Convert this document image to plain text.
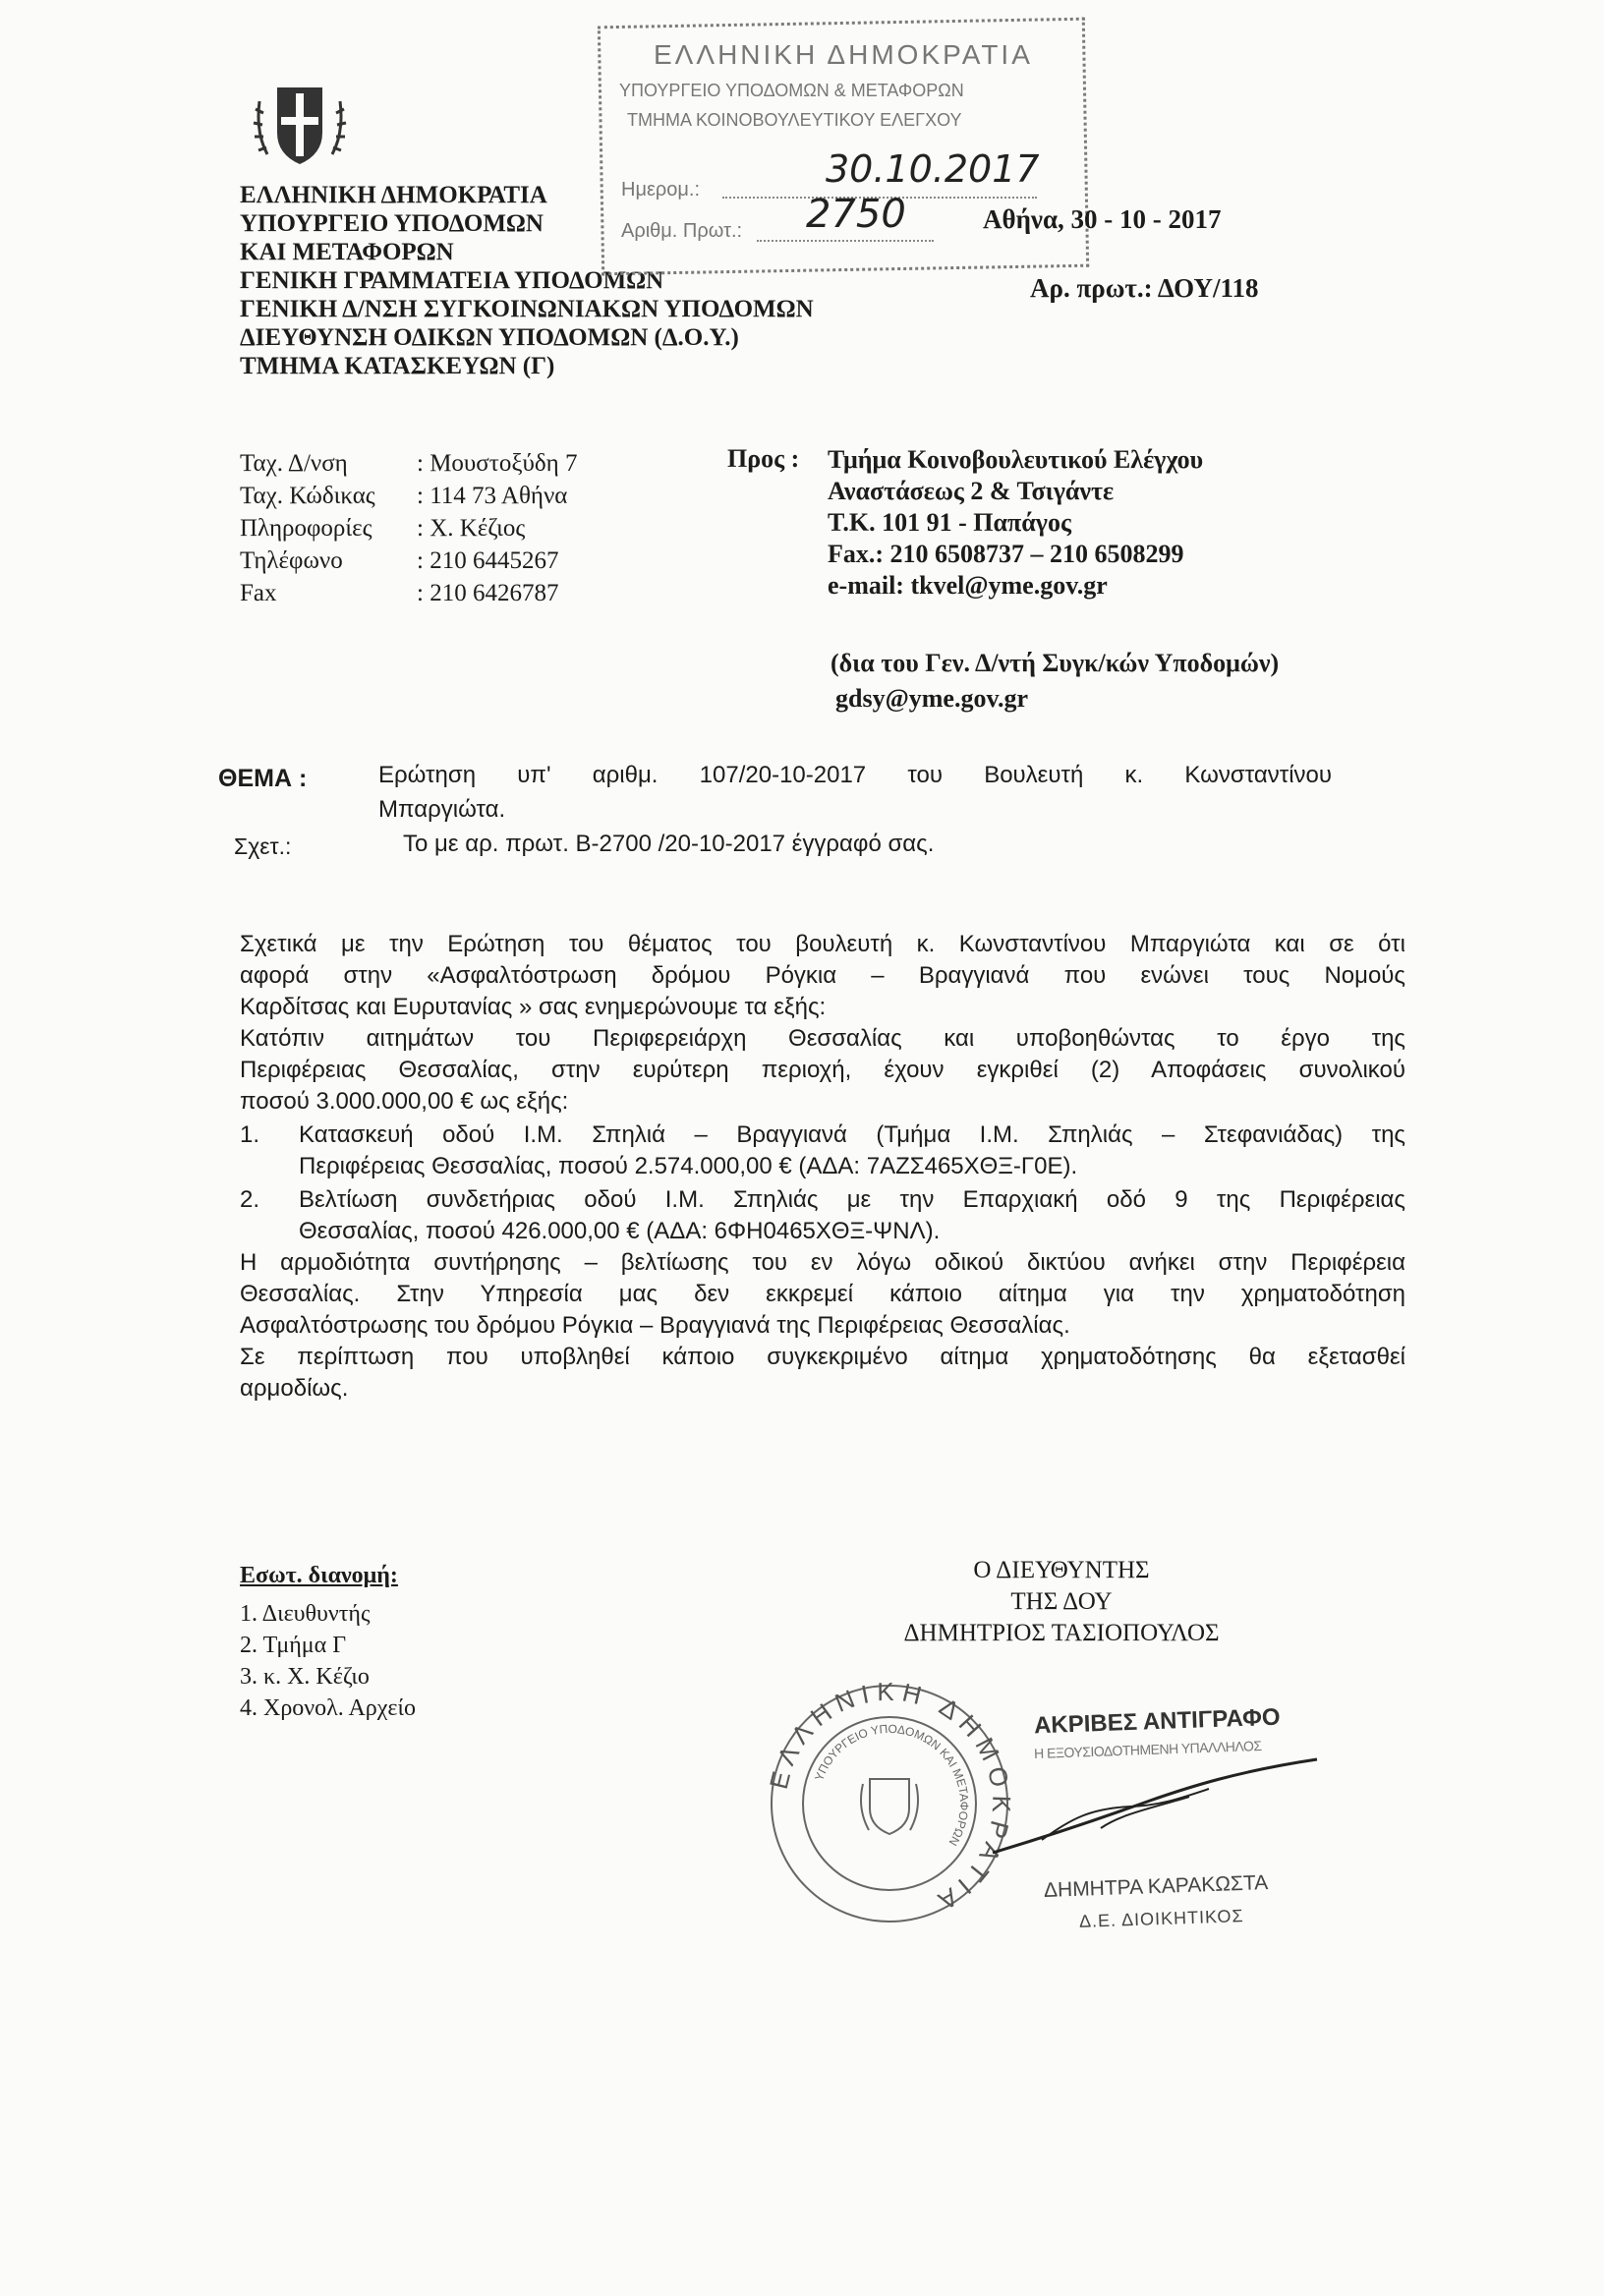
ΕΛΛΗΝΙΚΗ ΔΗΜΟΚΡΑΤΙΑ
ΥΠΟΥΡΓΕΙΟ ΥΠΟΔΟΜΩΝ
ΚΑΙ ΜΕΤΑΦΟΡΩΝ
ΓΕΝΙΚΗ ΓΡΑΜΜΑΤΕΙΑ ΥΠΟΔΟΜΩΝ
ΓΕΝΙΚΗ Δ/ΝΣΗ ΣΥΓΚΟΙΝΩΝΙΑΚΩΝ ΥΠΟΔΟΜΩΝ
ΔΙΕΥΘΥΝΣΗ ΟΔΙΚΩΝ ΥΠΟΔΟΜΩΝ (Δ.Ο.Υ.)
ΤΜΗΜΑ ΚΑΤΑΣΚΕΥΩΝ (Γ)
ΕΛΛΗΝΙΚΗ ΔΗΜΟΚΡΑΤΙΑ
ΥΠΟΥΡΓΕΙΟ ΥΠΟΔΟΜΩΝ & ΜΕΤΑΦΟΡΩΝ
ΤΜΗΜΑ ΚΟΙΝΟΒΟΥΛΕΥΤΙΚΟΥ ΕΛΕΓΧΟΥ
Ημερομ.:	30.10.2017
Αριθμ. Πρωτ.: 2750	Αθήνα, 30 - 10 - 2017
Αρ. πρωτ.: ΔΟΥ/118
Ταχ. Δ/νση	: Μουστοξύδη 7
Ταχ. Κώδικας : 114 73 Αθήνα
Πληροφορίες : Χ. Κέζιος
Τηλέφωνο	: 210 6445267
Fax	: 210 6426787
Προς : Τμήμα Κοινοβουλευτικού Ελέγχου
Αναστάσεως 2 & Τσιγάντε
Τ.Κ. 101 91 - Παπάγος
Fax.: 210 6508737 – 210 6508299
e-mail: tkvel@yme.gov.gr
(δια του Γεν. Δ/ντή Συγκ/κών Υποδομών)
gdsy@yme.gov.gr
ΘΕΜΑ :	Ερώτηση υπ' αριθμ. 107/20-10-2017 του Βουλευτή κ. Κωνσταντίνου
Μπαργιώτα.
Σχετ.:	Το με αρ. πρωτ. Β-2700 /20-10-2017 έγγραφό σας.
Σχετικά με την Ερώτηση του θέματος του βουλευτή κ. Κωνσταντίνου Μπαργιώτα και σε ότι
αφορά στην «Ασφαλτόστρωση δρόμου Ρόγκια – Βραγγιανά που ενώνει τους Νομούς
Καρδίτσας και Ευρυτανίας » σας ενημερώνουμε τα εξής:
Κατόπιν αιτημάτων του Περιφερειάρχη Θεσσαλίας και υποβοηθώντας το έργο της
Περιφέρειας Θεσσαλίας, στην ευρύτερη περιοχή, έχουν εγκριθεί (2) Αποφάσεις συνολικού
ποσού 3.000.000,00 € ως εξής:
1. Κατασκευή οδού Ι.Μ. Σπηλιά – Βραγγιανά (Τμήμα Ι.Μ. Σπηλιάς – Στεφανιάδας) της
Περιφέρειας Θεσσαλίας, ποσού 2.574.000,00 € (ΑΔΑ: 7ΑΖΣ465ΧΘΞ-Γ0Ε).
2. Βελτίωση συνδετήριας οδού Ι.Μ. Σπηλιάς με την Επαρχιακή οδό 9 της Περιφέρειας
Θεσσαλίας, ποσού 426.000,00 € (ΑΔΑ: 6ΦΗ0465ΧΘΞ-ΨΝΛ).
Η αρμοδιότητα συντήρησης – βελτίωσης του εν λόγω οδικού δικτύου ανήκει στην Περιφέρεια
Θεσσαλίας. Στην Υπηρεσία μας δεν εκκρεμεί κάποιο αίτημα για την χρηματοδότηση
Ασφαλτόστρωσης του δρόμου Ρόγκια – Βραγγιανά της Περιφέρειας Θεσσαλίας.
Σε περίπτωση που υποβληθεί κάποιο συγκεκριμένο αίτημα χρηματοδότησης θα εξετασθεί
αρμοδίως.
Εσωτ. διανομή:
1. Διευθυντής
2. Τμήμα Γ
3. κ. Χ. Κέζιο
4. Χρονολ. Αρχείο
Ο ΔΙΕΥΘΥΝΤΗΣ
ΤΗΣ ΔΟΥ
ΔΗΜΗΤΡΙΟΣ ΤΑΣΙΟΠΟΥΛΟΣ
ΕΛΛΗΝΙΚΗ ΔΗΜ ΡΑΤΙΑ
ΥΠΟΥΡΓΕΙΟ ΥΠΟΔΟΜΩΝ ΚΑΙ ΜΕΤΑΦΟΡΩΝ
ΑΚΡΙΒΕΣ ΑΝΤΙΓΡΑΦΟ
Η ΕΞΟΥΣΙΟΔΟΤΗΜΕΝΗ ΥΠΑΛΛΗΛΟΣ
ΔΗΜΗΤΡΑ ΚΑΡΑΚΩΣΤΑ
Δ.Ε. ΔΙΟΙΚΗΤΙΚΟΣ
